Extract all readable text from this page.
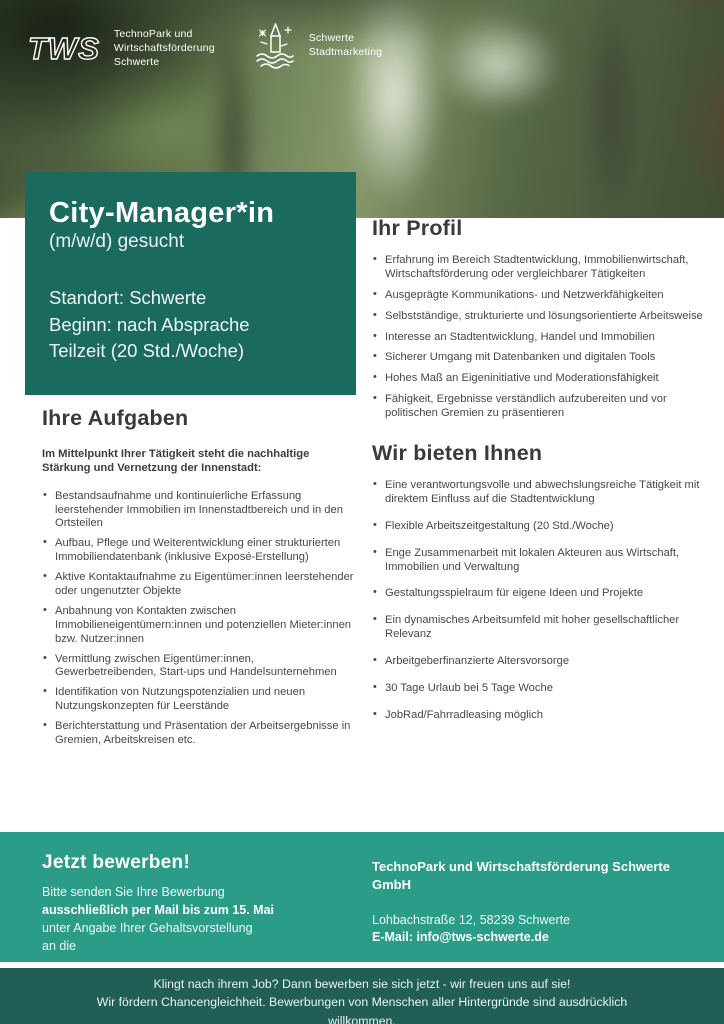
TWS TechnoPark und
Wirtschaftsförderung
Schwerte
Schwerte
Stadtmarketing
City-Manager*in
(m/w/d) gesucht
Standort: Schwerte
Beginn: nach Absprache
Teilzeit (20 Std./Woche)
Ihre Aufgaben

Im Mittelpunkt Ihrer Tätigkeit steht die nachhaltige Stärkung und Vernetzung der Innenstadt:

• Bestandsaufnahme und kontinuierliche Erfassung leerstehender Immobilien im Innenstadtbereich und in den Ortsteilen
• Aufbau, Pflege und Weiterentwicklung einer strukturierten Immobiliendatenbank (inklusive Exposé-Erstellung)
• Aktive Kontaktaufnahme zu Eigentümer:innen leerstehender oder ungenutzter Objekte
• Anbahnung von Kontakten zwischen Immobilieneigentümern:innen und potenziellen Mieter:innen bzw. Nutzer:innen
• Vermittlung zwischen Eigentümer:innen, Gewerbetreibenden, Start-ups und Handelsunternehmen
• Identifikation von Nutzungspotenzialien und neuen Nutzungskonzepten für Leerstände
• Berichterstattung und Präsentation der Arbeitsergebnisse in Gremien, Arbeitskreisen etc.
Ihr Profil
• Erfahrung im Bereich Stadtentwicklung, Immobilienwirtschaft, Wirtschaftsförderung oder vergleichbarer Tätigkeiten
• Ausgeprägte Kommunikations- und Netzwerkfähigkeiten
• Selbstständige, strukturierte und lösungsorientierte Arbeitsweise
• Interesse an Stadtentwicklung, Handel und Immobilien
• Sicherer Umgang mit Datenbanken und digitalen Tools
• Hohes Maß an Eigeninitiative und Moderationsfähigkeit
• Fähigkeit, Ergebnisse verständlich aufzubereiten und vor politischen Gremien zu präsentieren
Wir bieten Ihnen
• Eine verantwortungsvolle und abwechslungsreiche Tätigkeit mit direktem Einfluss auf die Stadtentwicklung
• Flexible Arbeitszeitgestaltung (20 Std./Woche)
• Enge Zusammenarbeit mit lokalen Akteuren aus Wirtschaft, Immobilien und Verwaltung
• Gestaltungsspielraum für eigene Ideen und Projekte
• Ein dynamisches Arbeitsumfeld mit hoher gesellschaftlicher Relevanz
• Arbeitgeberfinanzierte Altersvorsorge
• 30 Tage Urlaub bei 5 Tage Woche
• JobRad/Fahrradleasing möglich
Jetzt bewerben!
Bitte senden Sie Ihre Bewerbung
ausschließlich per Mail bis zum 15. Mai
unter Angabe Ihrer Gehaltsvorstellung
an die
TechnoPark und Wirtschaftsförderung Schwerte GmbH
Lohbachstraße 12, 58239 Schwerte
E-Mail: info@tws-schwerte.de
Klingt nach ihrem Job? Dann bewerben sie sich jetzt - wir freuen uns auf sie!
Wir fördern Chancengleichheit. Bewerbungen von Menschen aller Hintergründe sind ausdrücklich
willkommen.
